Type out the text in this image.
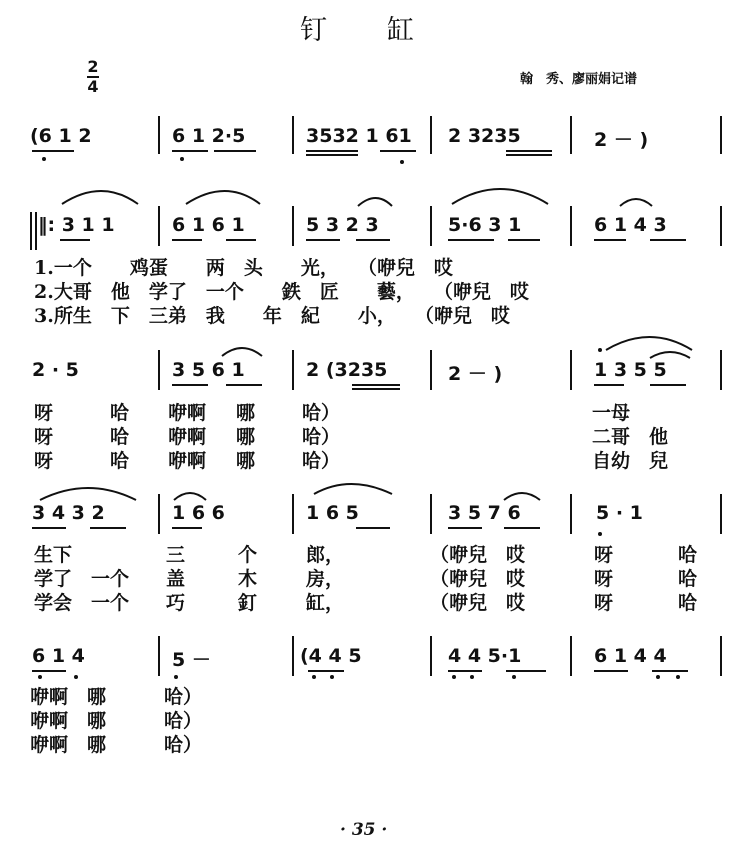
钉　　缸
翰　秀、廖丽娟记谱
2
4
(6 1 2	6 1 2·5	3532 1 61 2 3235	2 － )
‖: 3 1 1	6 1 6 1	5 3 2 3	5·6 3 1	6 1 4 3
1.一个　　鸡蛋　　两　头　　光，　　（咿兒　哎
2.大哥　他　学了　一个　　鉄　匠　　藝，　　（咿兒　哎
3.所生　下　三弟　我　　年　紀　　小，　　（咿兒　哎
2 · 5	3 5 6 1	2 (3235	2 － )	1 3 5 5
呀	哈 咿啊 哪 哈）	一母
呀	哈 咿啊 哪 哈）	二哥　他
呀	哈 咿啊 哪 哈）	自幼　兒
3 4 3 2	1 6 6	1 6 5	3 5 7 6	5 · 1
生下	三	个	郎，	（咿兒　哎	呀	哈
学了　一个 盖	木	房，	（咿兒　哎	呀	哈
学会　一个 巧	釘	缸，	（咿兒　哎	呀	哈
6 1 4	5 －	(4 4 5	4 4 5·1	6 1 4 4
咿啊　哪	哈）
咿啊　哪	哈）
咿啊　哪	哈）
· 35 ·
